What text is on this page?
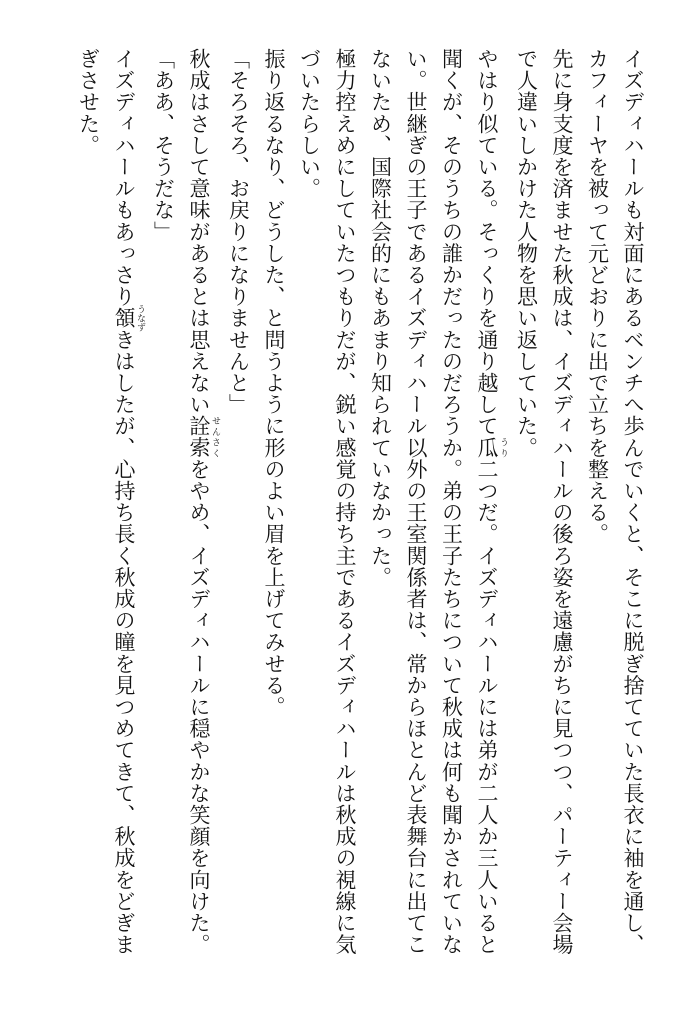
イズディハールも対面にあるベンチへ歩んでいくと、そこに脱ぎ捨てていた長衣に袖を通し、カフィーヤを被って元どおりに出で立ちを整える。

先に身支度を済ませた秋成は、イズディハールの後ろ姿を遠慮がちに見つつ、パーティー会場で人違いしかけた人物を思い返していた。

やはり似ている。そっくりを通り越して瓜 うり二つだ。イズディハールには弟が二人か三人いると聞くが、そのうちの誰かだったのだろうか。弟の王子たちについて秋成は何も聞かされていない。世継ぎの王子であるイズディハール以外の王室関係者は、常からほとんど表舞台に出てこないため、国際社会的にもあまり知られていなかった。

極力控えめにしていたつもりだが、鋭い感覚の持ち主であるイズディハールは秋成の視線に気づいたらしい。

振り返るなり、どうした、と問うように形のよい眉を上げてみせる。

「そろそろ、お戻りになりませんと」

秋成はさして意味があるとは思えない詮索 せんさくをやめ、イズディハールに穏やかな笑顔を向けた。

「ああ、そうだな」

イズディハールもあっさり頷 うなずきはしたが、心持ち長く秋成の瞳を見つめてきて、秋成をどぎまぎさせた。
